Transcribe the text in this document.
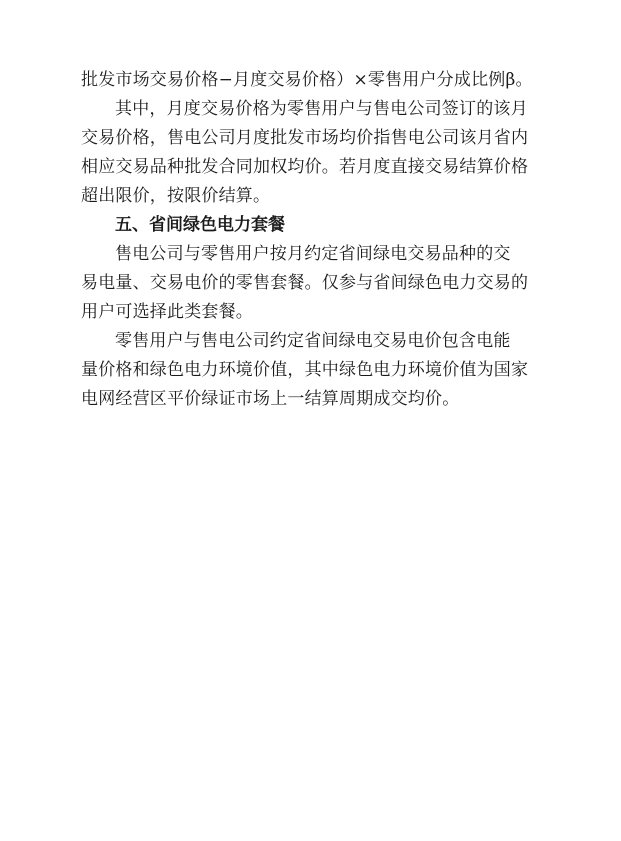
批发市场交易价格−月度交易价格）×零售用户分成比例β。
其中，月度交易价格为零售用户与售电公司签订的该月
交易价格，售电公司月度批发市场均价指售电公司该月省内
相应交易品种批发合同加权均价。若月度直接交易结算价格
超出限价，按限价结算。
五、省间绿色电力套餐
售电公司与零售用户按月约定省间绿电交易品种的交
易电量、交易电价的零售套餐。仅参与省间绿色电力交易的
用户可选择此类套餐。
零售用户与售电公司约定省间绿电交易电价包含电能
量价格和绿色电力环境价值，其中绿色电力环境价值为国家
电网经营区平价绿证市场上一结算周期成交均价。
